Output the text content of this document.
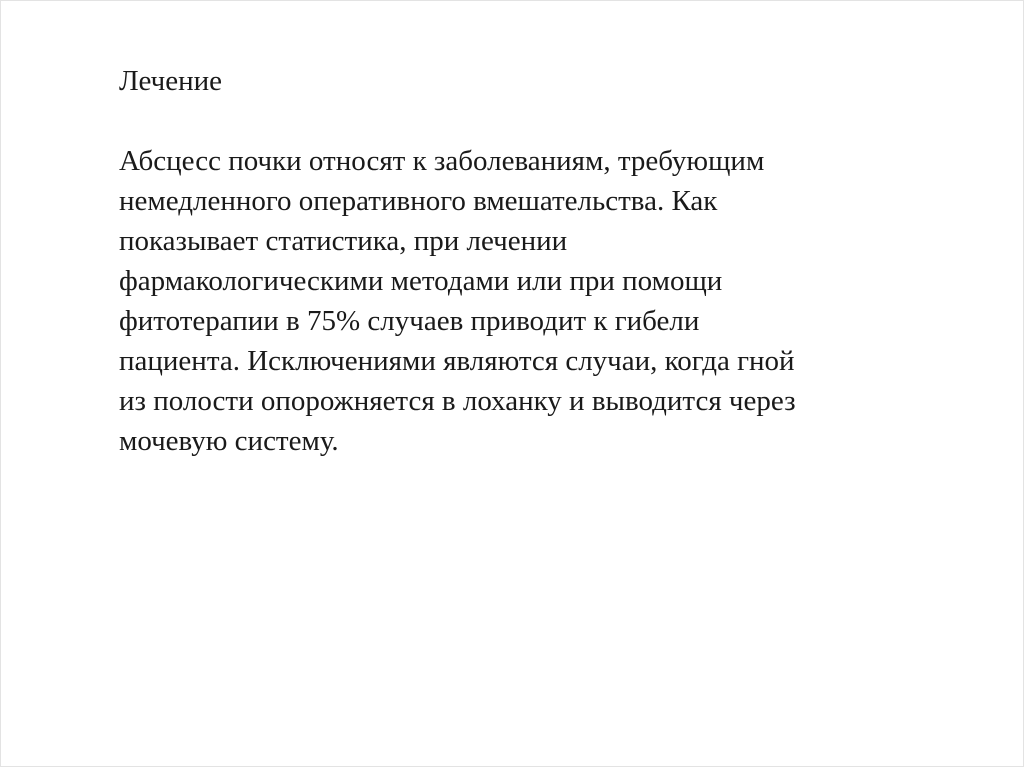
Лечение
Абсцесс почки относят к заболеваниям, требующим
немедленного оперативного вмешательства. Как
показывает статистика, при лечении
фармакологическими методами или при помощи
фитотерапии в 75% случаев приводит к гибели
пациента. Исключениями являются случаи, когда гной
из полости опорожняется в лоханку и выводится через
мочевую систему.
